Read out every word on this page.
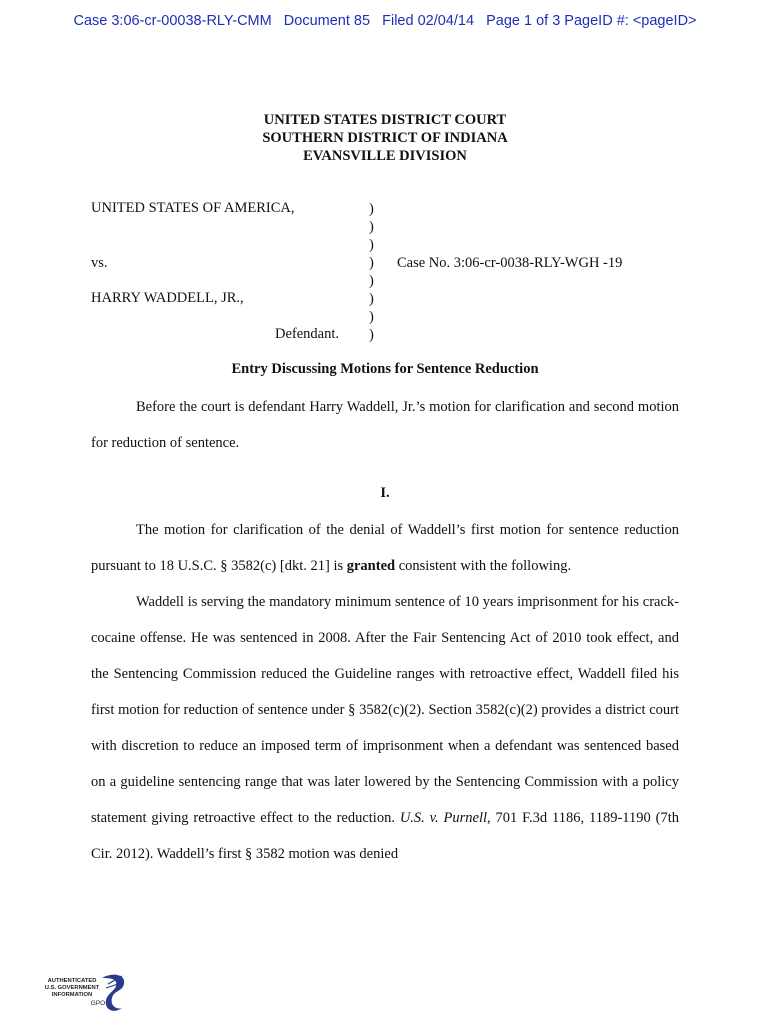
Case 3:06-cr-00038-RLY-CMM   Document 85   Filed 02/04/14   Page 1 of 3 PageID #: <pageID>
UNITED STATES DISTRICT COURT
SOUTHERN DISTRICT OF INDIANA
EVANSVILLE DIVISION
UNITED STATES OF AMERICA,
vs.
HARRY WADDELL, JR.,
Defendant.
)
)
)
)
)
)
)
)
Case No. 3:06-cr-0038-RLY-WGH -19
Entry Discussing Motions for Sentence Reduction

Before the court is defendant Harry Waddell, Jr.’s motion for clarification and second motion for reduction of sentence.

I.

The motion for clarification of the denial of Waddell’s first motion for sentence reduction pursuant to 18 U.S.C. § 3582(c) [dkt. 21] is granted consistent with the following.

Waddell is serving the mandatory minimum sentence of 10 years imprisonment for his crack-cocaine offense. He was sentenced in 2008. After the Fair Sentencing Act of 2010 took effect, and the Sentencing Commission reduced the Guideline ranges with retroactive effect, Waddell filed his first motion for reduction of sentence under § 3582(c)(2). Section 3582(c)(2) provides a district court with discretion to reduce an imposed term of imprisonment when a defendant was sentenced based on a guideline sentencing range that was later lowered by the Sentencing Commission with a policy statement giving retroactive effect to the reduction. U.S. v. Purnell, 701 F.3d 1186, 1189-1190 (7th Cir. 2012). Waddell’s first § 3582 motion was denied

AUTHENTICATED
U.S. GOVERNMENT
INFORMATION
GPO
